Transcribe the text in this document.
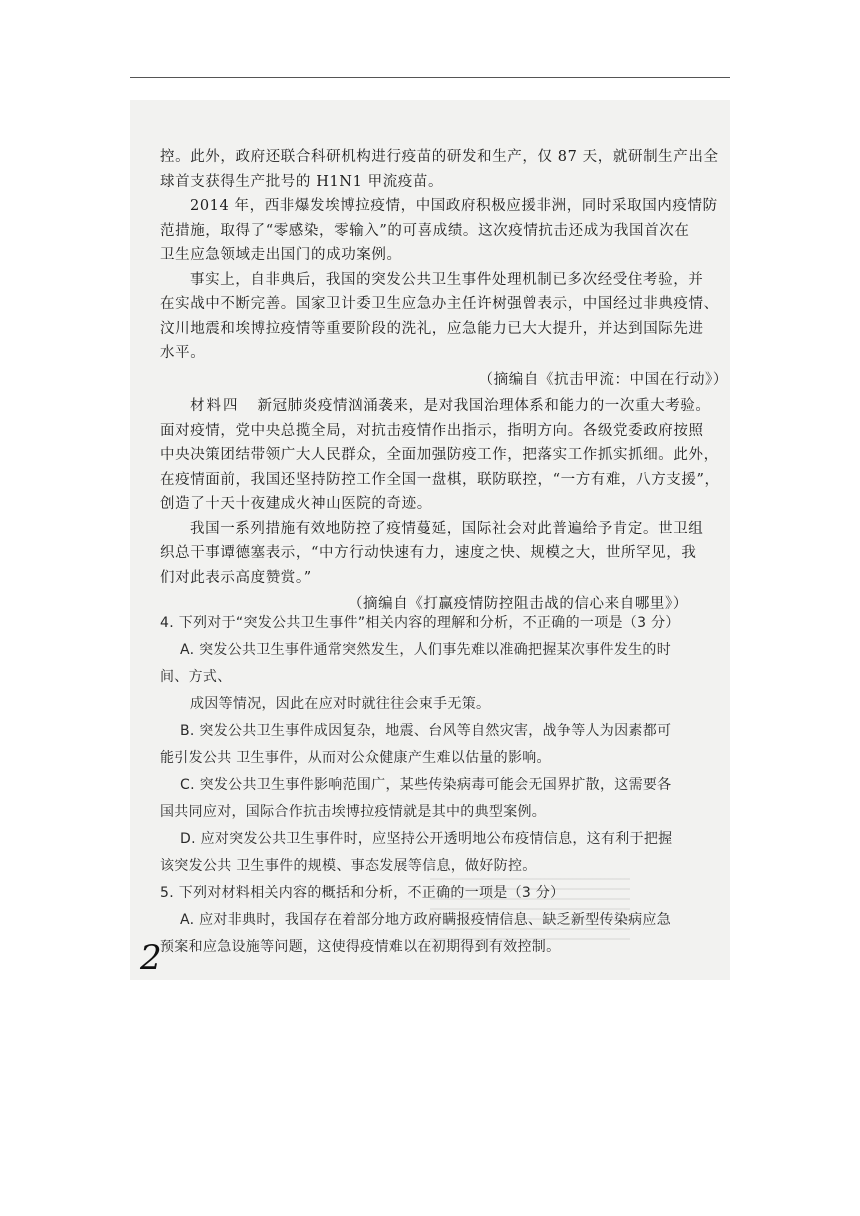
控。此外，政府还联合科研机构进行疫苗的研发和生产，仅 87 天，就研制生产出全

球首支获得生产批号的 H1N1 甲流疫苗。

2014 年，西非爆发埃博拉疫情，中国政府积极应援非洲，同时采取国内疫情防

范措施，取得了“零感染，零输入”的可喜成绩。这次疫情抗击还成为我国首次在

卫生应急领域走出国门的成功案例。

事实上，自非典后，我国的突发公共卫生事件处理机制已多次经受住考验，并

在实战中不断完善。国家卫计委卫生应急办主任许树强曾表示，中国经过非典疫情、

汶川地震和埃博拉疫情等重要阶段的洗礼，应急能力已大大提升，并达到国际先进

水平。

（摘编自《抗击甲流：中国在行动》）

材料四 新冠肺炎疫情汹涌袭来，是对我国治理体系和能力的一次重大考验。

面对疫情，党中央总揽全局，对抗击疫情作出指示，指明方向。各级党委政府按照

中央决策团结带领广大人民群众，全面加强防疫工作，把落实工作抓实抓细。此外，

在疫情面前，我国还坚持防控工作全国一盘棋，联防联控，“一方有难，八方支援”，

创造了十天十夜建成火神山医院的奇迹。

我国一系列措施有效地防控了疫情蔓延，国际社会对此普遍给予肯定。世卫组

织总干事谭德塞表示，“中方行动快速有力，速度之快、规模之大，世所罕见，我

们对此表示高度赞赏。”

（摘编自《打赢疫情防控阻击战的信心来自哪里》）

4. 下列对于“突发公共卫生事件”相关内容的理解和分析，不正确的一项是（3 分）

A. 突发公共卫生事件通常突然发生，人们事先难以准确把握某次事件发生的时

间、方式、

成因等情况，因此在应对时就往往会束手无策。

B. 突发公共卫生事件成因复杂，地震、台风等自然灾害，战争等人为因素都可

能引发公共 卫生事件，从而对公众健康产生难以估量的影响。

C. 突发公共卫生事件影响范围广，某些传染病毒可能会无国界扩散，这需要各

国共同应对，国际合作抗击埃博拉疫情就是其中的典型案例。

D. 应对突发公共卫生事件时，应坚持公开透明地公布疫情信息，这有利于把握

该突发公共 卫生事件的规模、事态发展等信息，做好防控。

5. 下列对材料相关内容的概括和分析，不正确的一项是（3 分）

A. 应对非典时，我国存在着部分地方政府瞒报疫情信息、缺乏新型传染病应急

预案和应急设施等问题，这使得疫情难以在初期得到有效控制。

2
